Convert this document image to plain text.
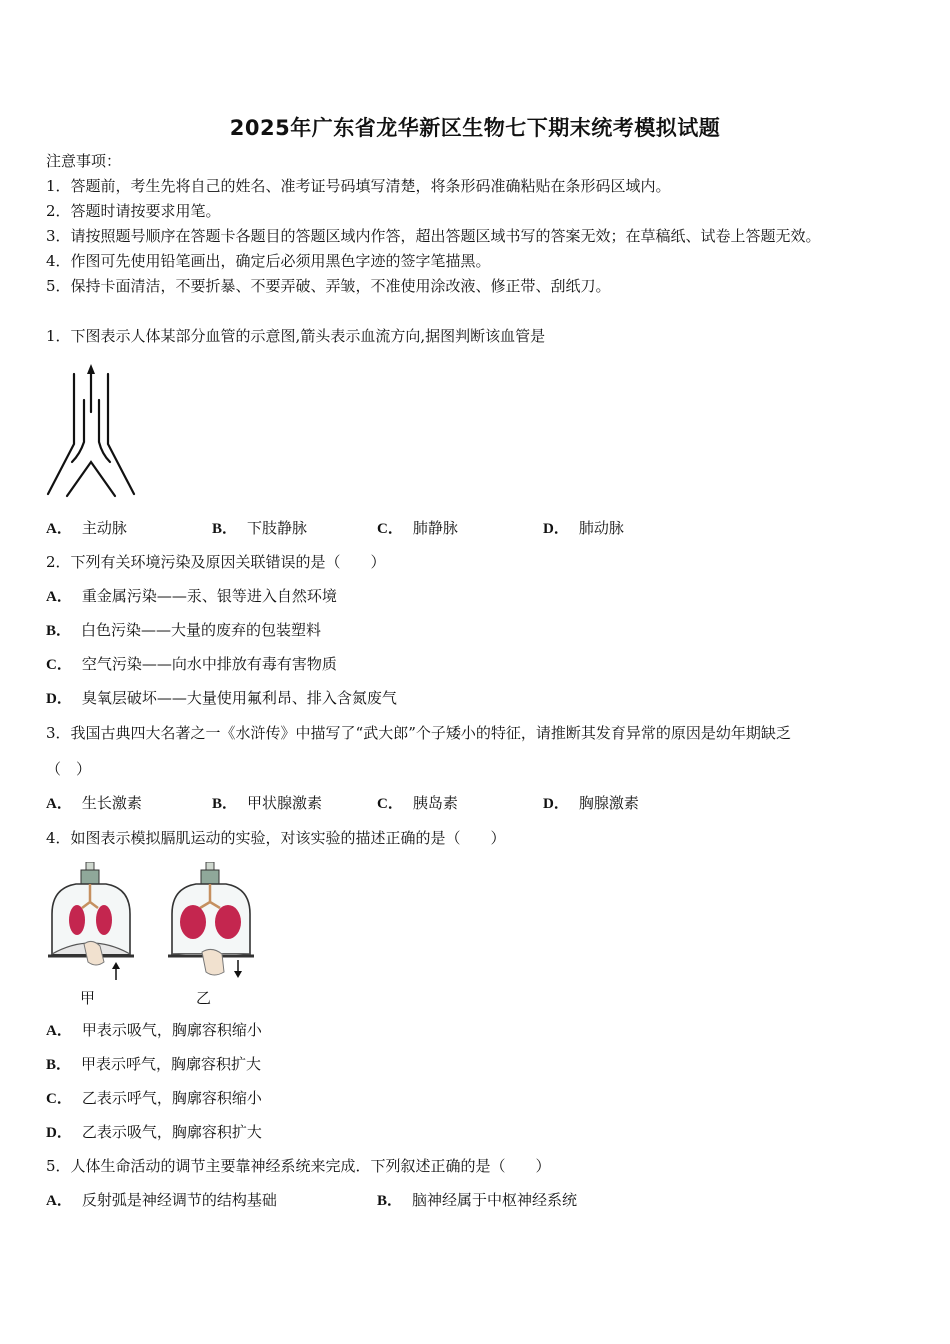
2025年广东省龙华新区生物七下期末统考模拟试题
注意事项：
1．答题前，考生先将自己的姓名、准考证号码填写清楚，将条形码准确粘贴在条形码区域内。
2．答题时请按要求用笔。
3．请按照题号顺序在答题卡各题目的答题区域内作答，超出答题区域书写的答案无效；在草稿纸、试卷上答题无效。
4．作图可先使用铅笔画出，确定后必须用黑色字迹的签字笔描黑。
5．保持卡面清洁，不要折暴、不要弄破、弄皱，不准使用涂改液、修正带、刮纸刀。
1．下图表示人体某部分血管的示意图,箭头表示血流方向,据图判断该血管是
A． 主动脉	B． 下肢静脉	C． 肺静脉	D． 肺动脉
2．下列有关环境污染及原因关联错误的是（　　）
A． 重金属污染——汞、银等进入自然环境
B． 白色污染——大量的废弃的包装塑料
C． 空气污染——向水中排放有毒有害物质
D． 臭氧层破坏——大量使用氟利昂、排入含氮废气
3．我国古典四大名著之一《水浒传》中描写了“武大郎”个子矮小的特征，请推断其发育异常的原因是幼年期缺乏
（　）
A． 生长激素	B． 甲状腺激素	C． 胰岛素	D． 胸腺激素
4．如图表示模拟膈肌运动的实验，对该实验的描述正确的是（　　）
甲	乙
A． 甲表示吸气，胸廓容积缩小
B． 甲表示呼气，胸廓容积扩大
C． 乙表示呼气，胸廓容积缩小
D． 乙表示吸气，胸廓容积扩大
5．人体生命活动的调节主要靠神经系统来完成．下列叙述正确的是（　　）
A． 反射弧是神经调节的结构基础	B． 脑神经属于中枢神经系统
